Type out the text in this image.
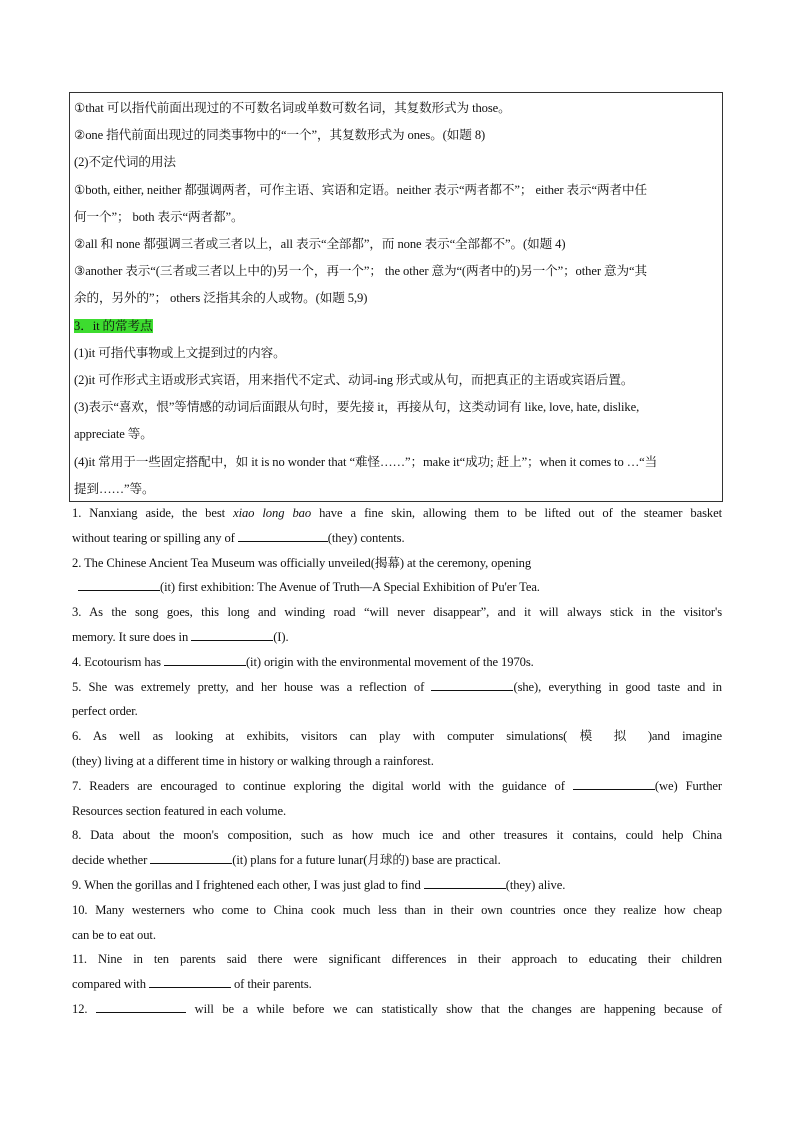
①that 可以指代前面出现过的不可数名词或单数可数名词，其复数形式为 those。
②one 指代前面出现过的同类事物中的“一个”，其复数形式为 ones。(如题 8)
(2)不定代词的用法
①both, either, neither 都强调两者，可作主语、宾语和定语。neither 表示“两者都不”； either 表示“两者中任
何一个”； both 表示“两者都”。
②all 和 none 都强调三者或三者以上，all 表示“全部都”，而 none 表示“全部都不”。(如题 4)
③another 表示“(三者或三者以上中的)另一个，再一个”； the other 意为“(两者中的)另一个”；other 意为“其
余的，另外的”； others 泛指其余的人或物。(如题 5,9)
3．it 的常考点
(1)it 可指代事物或上文提到过的内容。
(2)it 可作形式主语或形式宾语，用来指代不定式、动词-ing 形式或从句，而把真正的主语或宾语后置。
(3)表示“喜欢，恨”等情感的动词后面跟从句时，要先接 it，再接从句，这类动词有 like, love, hate, dislike,
appreciate 等。
(4)it 常用于一些固定搭配中，如 it is no wonder that “难怪……”；make it“成功; 赶上”；when it comes to …“当
提到……”等。
1. Nanxiang aside, the best xiao long bao have a fine skin, allowing them to be lifted out of the steamer basket
without tearing or spilling any of	(they) contents.
2. The Chinese Ancient Tea Museum was officially unveiled(揭幕) at the ceremony, opening
(it) first exhibition: The Avenue of Truth—A Special Exhibition of Pu'er Tea.
3. As the song goes, this long and winding road “will never disappear”, and it will always stick in the visitor's
memory. It sure does in	(I).
4. Ecotourism has	(it) origin with the environmental movement of the 1970s.
5. She was extremely pretty, and her house was a reflection of	(she), everything in good taste and in
perfect order.
6. As well as looking at exhibits, visitors can play with computer simulations( 模 拟 )and imagine
(they) living at a different time in history or walking through a rainforest.
7. Readers are encouraged to continue exploring the digital world with the guidance of	(we) Further
Resources section featured in each volume.
8. Data about the moon's composition, such as how much ice and other treasures it contains, could help China
decide whether	(it) plans for a future lunar(月球的) base are practical.
9. When the gorillas and I frightened each other, I was just glad to find	(they) alive.
10. Many westerners who come to China cook much less than in their own countries once they realize how cheap
can be to eat out.
11. Nine in ten parents said there were significant differences in their approach to educating their children
compared with	of their parents.
12.	will be a while before we can statistically show that the changes are happening because of
